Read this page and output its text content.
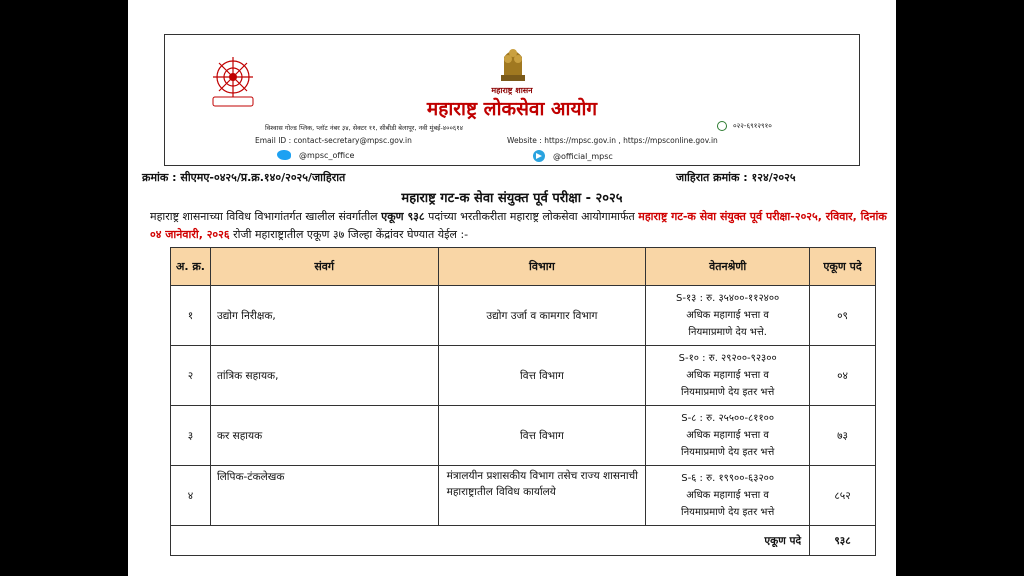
महाराष्ट्र शासन
महाराष्ट्र लोकसेवा आयोग
विश्वास गोल्ड प्लिक, प्लॉट नंबर ३४, सेक्टर ११, सीबीडी बेलापूर, नवी मुंबई-४००६१४	०२२-६९१२९१०
Email ID : contact-secretary@mpsc.gov.in	Website : https://mpsc.gov.in , https://mpsconline.gov.in
@mpsc_office	@official_mpsc
क्रमांक : सीएमए-०४२५/प्र.क्र.१४०/२०२५/जाहिरात	जाहिरात क्रमांक : १२४/२०२५
महाराष्ट्र गट-क सेवा संयुक्त पूर्व परीक्षा - २०२५
महाराष्ट्र शासनाच्या विविध विभागांतर्गत खालील संवर्गातील एकूण ९३८ पदांच्या भरतीकरीता महाराष्ट्र लोकसेवा आयोगामार्फत महाराष्ट्र गट-क सेवा संयुक्त पूर्व परीक्षा-२०२५, रविवार, दिनांक ०४ जानेवारी, २०२६ रोजी महाराष्ट्रातील एकूण ३७ जिल्हा केंद्रांवर घेण्यात येईल :-
अ. क्र.	संवर्ग	विभाग	वेतनश्रेणी	एकूण पदे
१	उद्योग निरीक्षक,	उद्योग उर्जा व कामगार विभाग	S-१३ : रु. ३५४००-११२४००
अधिक महागाई भत्ता व
नियमाप्रमाणे देय भत्ते.	०९
२	तांत्रिक सहायक,	वित्त विभाग	S-१० : रु. २९२००-९२३००
अधिक महागाई भत्ता व
नियमाप्रमाणे देय इतर भत्ते	०४
३	कर सहायक	वित्त विभाग	S-८ : रु. २५५००-८११००
अधिक महागाई भत्ता व
नियमाप्रमाणे देय इतर भत्ते	७३
४	लिपिक-टंकलेखक	मंत्रालयीन प्रशासकीय विभाग तसेच राज्य शासनाची महाराष्ट्रातील विविध कार्यालये	S-६ : रु. १९९००-६३२००
अधिक महागाई भत्ता व
नियमाप्रमाणे देय इतर भत्ते	८५२
एकूण पदे				९३८
